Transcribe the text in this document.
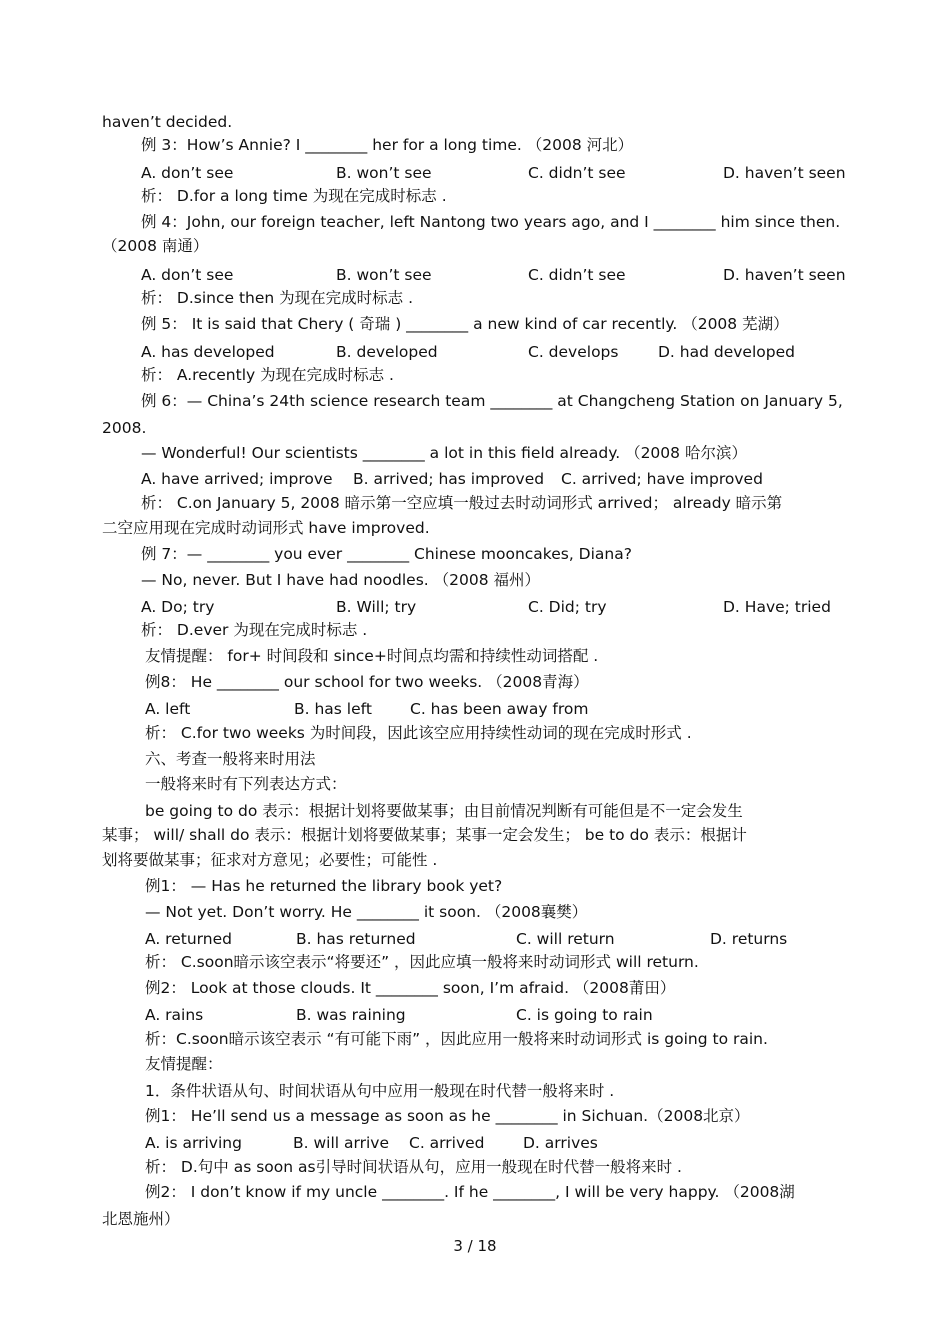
haven’t decided.
例 3：How’s Annie? I ________ her for a long time. （2008 河北）
A. don’t see	B. won’t see	C. didn’t see	D. haven’t seen
析： D.for a long time 为现在完成时标志 .
例 4：John, our foreign teacher, left Nantong two years ago, and I ________ him since then.
（2008 南通）
A. don’t see	B. won’t see	C. didn’t see	D. haven’t seen
析： D.since then 为现在完成时标志 .
例 5： It is said that Chery ( 奇瑞 ) ________ a new kind of car recently. （2008 芜湖）
A. has developed	B. developed	C. develops	D. had developed
析： A.recently 为现在完成时标志 .
例 6：— China’s 24th science research team ________ at Changcheng Station on January 5,
2008.
— Wonderful! Our scientists ________ a lot in this field already. （2008 哈尔滨）
A. have arrived; improve B. arrived; has improved C. arrived; have improved
析： C.on January 5, 2008 暗示第一空应填一般过去时动词形式 arrived； already 暗示第
二空应用现在完成时动词形式 have improved.
例 7：— ________ you ever ________ Chinese mooncakes, Diana?
— No, never. But I have had noodles. （2008 福州）
A. Do; try	B. Will; try	C. Did; try	D. Have; tried
析： D.ever 为现在完成时标志 .
友情提醒： for+ 时间段和 since+时间点均需和持续性动词搭配 .
例8： He ________ our school for two weeks. （2008青海）
A. left	B. has left C. has been away from
析： C.for two weeks 为时间段，因此该空应用持续性动词的现在完成时形式 .
六、考查一般将来时用法
一般将来时有下列表达方式：
be going to do 表示：根据计划将要做某事；由目前情况判断有可能但是不一定会发生
某事； will/ shall do 表示：根据计划将要做某事；某事一定会发生； be to do 表示：根据计
划将要做某事；征求对方意见；必要性；可能性 .
例1： — Has he returned the library book yet?
— Not yet. Don’t worry. He ________ it soon. （2008襄樊）
A. returned	B. has returned	C. will return	D. returns
析： C.soon暗示该空表示“将要还” ，因此应填一般将来时动词形式 will return.
例2： Look at those clouds. It ________ soon, I’m afraid. （2008莆田）
A. rains	B. was raining	C. is going to rain
析：C.soon暗示该空表示 “有可能下雨” ，因此应用一般将来时动词形式 is going to rain.
友情提醒：
1．条件状语从句、时间状语从句中应用一般现在时代替一般将来时 .
例1： He’ll send us a message as soon as he ________ in Sichuan.（2008北京）
A. is arriving	B. will arrive C. arrived D. arrives
析： D.句中 as soon as引导时间状语从句，应用一般现在时代替一般将来时 .
例2： I don’t know if my uncle ________. If he ________, I will be very happy. （2008湖
北恩施州）
3 / 18
